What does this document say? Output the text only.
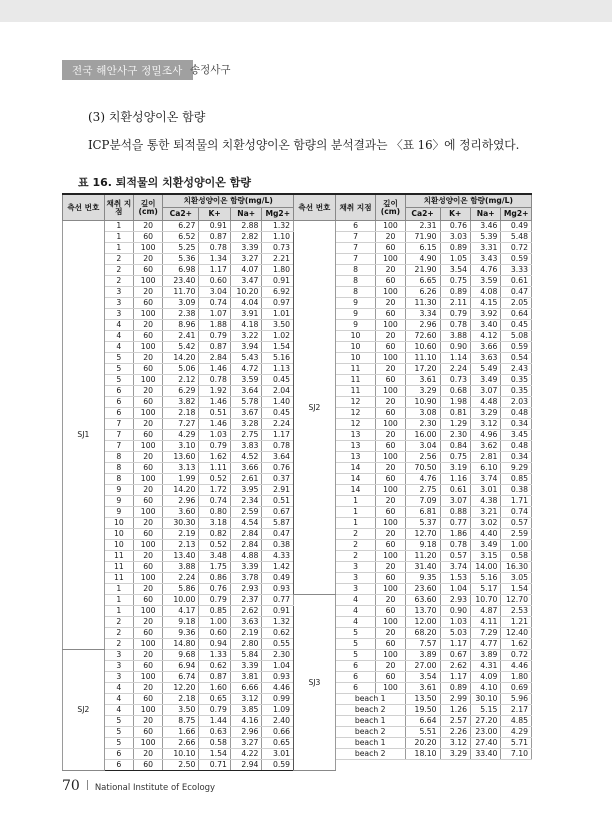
전국 해안사구 정밀조사 송정사구
(3) 치환성양이온 함량
ICP분석을 통한 퇴적물의 치환성양이온 함량의 분석결과는 〈표 16〉에 정리하였다.
표 16. 퇴적물의 치환성양이온 함량
측선 번호	채취 지점	깊이 (cm)	치환성양이온 함량(mg/L)				측선 번호	채취 지점	깊이 (cm)	치환성양이온 함량(mg/L)			
			Ca2+	K+	Na+	Mg2+				Ca2+	K+	Na+	Mg2+
SJ1	1	20	6.27	0.91	2.88	1.32	SJ2	6	100	2.31	0.76	3.46	0.49
	1	60	6.52	0.87	2.82	1.10		7	20	71.90	3.03	5.39	5.48
	1	100	5.25	0.78	3.39	0.73		7	60	6.15	0.89	3.31	0.72
	2	20	5.36	1.34	3.27	2.21		7	100	4.90	1.05	3.43	0.59
	2	60	6.98	1.17	4.07	1.80		8	20	21.90	3.54	4.76	3.33
	2	100	23.40	0.60	3.47	0.91		8	60	6.65	0.75	3.59	0.61
	3	20	11.70	3.04	10.20	6.92		8	100	6.26	0.89	4.08	0.47
	3	60	3.09	0.74	4.04	0.97		9	20	11.30	2.11	4.15	2.05
	3	100	2.38	1.07	3.91	1.01		9	60	3.34	0.79	3.92	0.64
	4	20	8.96	1.88	4.18	3.50		9	100	2.96	0.78	3.40	0.45
	4	60	2.41	0.79	3.22	1.02		10	20	72.60	3.88	4.12	5.08
	4	100	5.42	0.87	3.94	1.54		10	60	10.60	0.90	3.66	0.59
	5	20	14.20	2.84	5.43	5.16		10	100	11.10	1.14	3.63	0.54
	5	60	5.06	1.46	4.72	1.13		11	20	17.20	2.24	5.49	2.43
	5	100	2.12	0.78	3.59	0.45		11	60	3.61	0.73	3.49	0.35
	6	20	6.29	1.92	3.64	2.04		11	100	3.29	0.68	3.07	0.35
	6	60	3.82	1.46	5.78	1.40		12	20	10.90	1.98	4.48	2.03
	6	100	2.18	0.51	3.67	0.45		12	60	3.08	0.81	3.29	0.48
	7	20	7.27	1.46	3.28	2.24		12	100	2.30	1.29	3.12	0.34
	7	60	4.29	1.03	2.75	1.17		13	20	16.00	2.30	4.96	3.45
	7	100	3.10	0.79	3.83	0.78		13	60	3.04	0.84	3.62	0.48
	8	20	13.60	1.62	4.52	3.64		13	100	2.56	0.75	2.81	0.34
	8	60	3.13	1.11	3.66	0.76		14	20	70.50	3.19	6.10	9.29
	8	100	1.99	0.52	2.61	0.37		14	60	4.76	1.16	3.74	0.85
	9	20	14.20	1.72	3.95	2.91		14	100	2.75	0.61	3.01	0.38
	9	60	2.96	0.74	2.34	0.51		1	20	7.09	3.07	4.38	1.71
	9	100	3.60	0.80	2.59	0.67		1	60	6.81	0.88	3.21	0.74
	10	20	30.30	3.18	4.54	5.87		1	100	5.37	0.77	3.02	0.57
	10	60	2.19	0.82	2.84	0.47		2	20	12.70	1.86	4.40	2.59
	10	100	2.13	0.52	2.84	0.38		2	60	9.18	0.78	3.49	1.00
	11	20	13.40	3.48	4.88	4.33		2	100	11.20	0.57	3.15	0.58
	11	60	3.88	1.75	3.39	1.42		3	20	31.40	3.74	14.00	16.30
	11	100	2.24	0.86	3.78	0.49		3	60	9.35	1.53	5.16	3.05
	1	20	5.86	0.76	2.93	0.93		3	100	23.60	1.04	5.17	1.54
	1	60	10.00	0.79	2.37	0.77	SJ3	4	20	63.60	2.93	10.70	12.70
	1	100	4.17	0.85	2.62	0.91		4	60	13.70	0.90	4.87	2.53
	2	20	9.18	1.00	3.63	1.32		4	100	12.00	1.03	4.11	1.21
	2	60	9.36	0.60	2.19	0.62		5	20	68.20	5.03	7.29	12.40
	2	100	14.80	0.94	2.80	0.55		5	60	7.57	1.17	4.77	1.62
SJ2	3	20	9.68	1.33	5.84	2.30		5	100	3.89	0.67	3.89	0.72
	3	60	6.94	0.62	3.39	1.04		6	20	27.00	2.62	4.31	4.46
	3	100	6.74	0.87	3.81	0.93		6	60	3.54	1.17	4.09	1.80
	4	20	12.20	1.60	6.66	4.46		6	100	3.61	0.89	4.10	0.69
	4	60	2.18	0.65	3.12	0.99		beach 1		13.50	2.99	30.10	5.96
	4	100	3.50	0.79	3.85	1.09		beach 2		19.50	1.26	5.15	2.17
	5	20	8.75	1.44	4.16	2.40		beach 1		6.64	2.57	27.20	4.85
	5	60	1.66	0.63	2.96	0.66		beach 2		5.51	2.26	23.00	4.29
	5	100	2.66	0.58	3.27	0.65		beach 1		20.20	3.12	27.40	5.71
	6	20	10.10	1.54	4.22	3.01		beach 2		18.10	3.29	33.40	7.10
	6	60	2.50	0.71	2.94	0.59							
70 National Institute of Ecology
